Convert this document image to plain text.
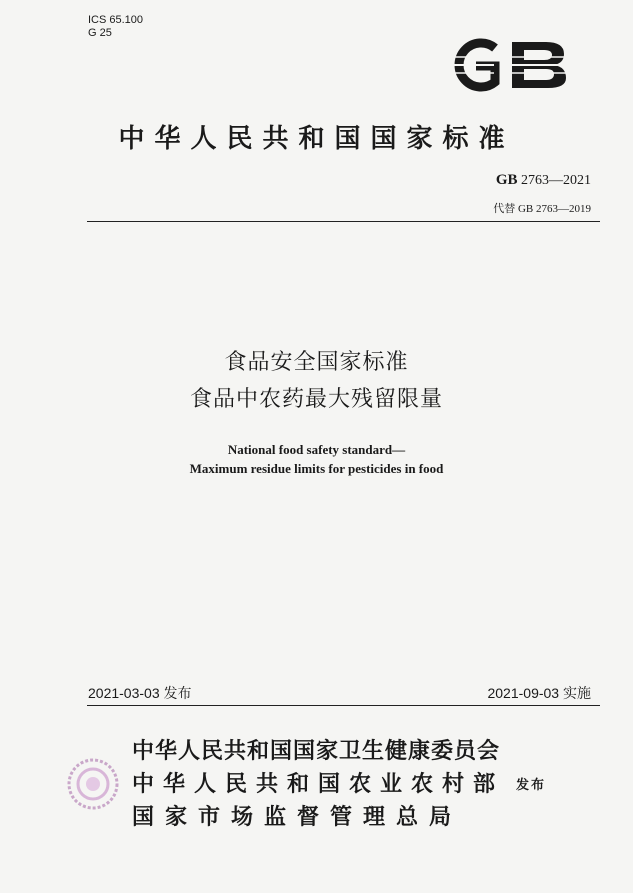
ICS 65.100
G 25
中华人民共和国国家标准
GB 2763—2021
代替 GB 2763—2019
食品安全国家标准
食品中农药最大残留限量
National food safety standard—
Maximum residue limits for pesticides in food
2021-03-03 发布	2021-09-03 实施
中华人民共和国国家卫生健康委员会
中华人民共和国农业农村部
国家市场监督管理总局
发布
